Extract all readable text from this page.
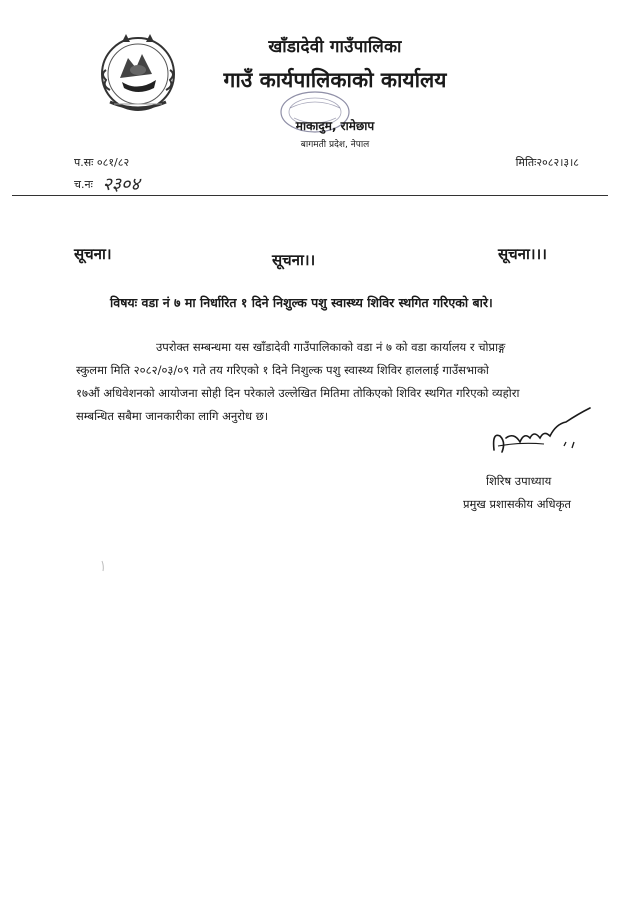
खाँडादेवी गाउँपालिका
गाउँ कार्यपालिकाको कार्यालय
माकादुम, रामेछाप
बागमती प्रदेश, नेपाल
प.सः ०८१/८२
च.नः २३०४
मितिः२०८२।३।८
सूचना।	सूचना।।	सूचना।।।
विषयः वडा नं ७ मा निर्धारित १ दिने निशुल्क पशु स्वास्थ्य शिविर स्थगित गरिएको बारे।
उपरोक्त सम्बन्धमा यस खाँडादेवी गाउँपालिकाको वडा नं ७ को वडा कार्यालय र चोप्राङ्ग
स्कुलमा मिति २०८२/०३/०९ गते तय गरिएको १ दिने निशुल्क पशु स्वास्थ्य शिविर हाललाई गाउँसभाको
१७औं अधिवेशनको आयोजना सोही दिन परेकाले उल्लेखित मितिमा तोकिएको शिविर स्थगित गरिएको व्यहोरा
सम्बन्धित सबैमा जानकारीका लागि अनुरोध छ।
शिरिष उपाध्याय
प्रमुख प्रशासकीय अधिकृत
